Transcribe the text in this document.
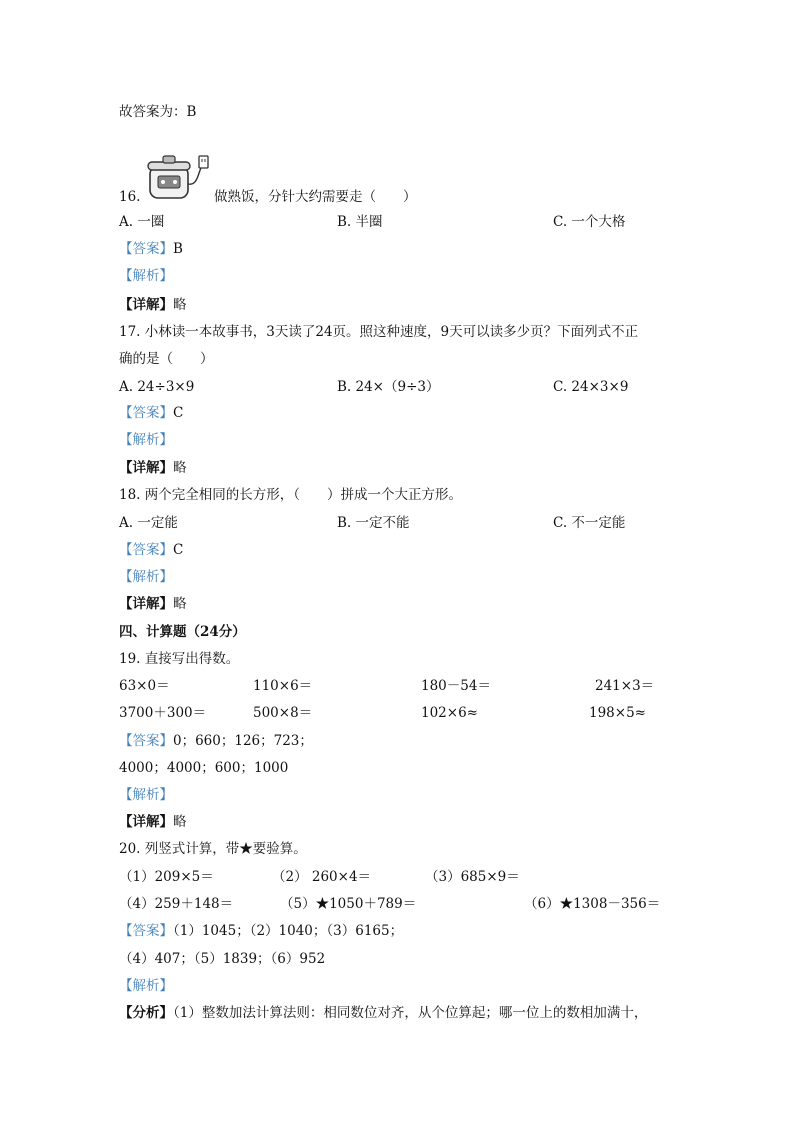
故答案为：B
16.	做熟饭，分针大约需要走（　　）
A. 一圈	B. 半圈	C. 一个大格
【答案】B
【解析】
【详解】略
17. 小林读一本故事书，3天读了24页。照这种速度，9天可以读多少页？下面列式不正
确的是（　　）
A. 24÷3×9	B. 24×（9÷3）	C. 24×3×9
【答案】C
【解析】
【详解】略
18. 两个完全相同的长方形，（　　）拼成一个大正方形。
A. 一定能	B. 一定不能	C. 不一定能
【答案】C
【解析】
【详解】略
四、计算题（24分）
19. 直接写出得数。
63×0＝	110×6＝	180－54＝	241×3＝
3700＋300＝	500×8＝	102×6≈	198×5≈
【答案】0；660；126；723；
4000；4000；600；1000
【解析】
【详解】略
20. 列竖式计算，带★要验算。
（1）209×5＝	（2） 260×4＝	（3）685×9＝
（4）259＋148＝	（5）★1050＋789＝	（6）★1308－356＝
【答案】（1）1045；（2）1040；（3）6165；
（4）407；（5）1839；（6）952
【解析】
【分析】（1）整数加法计算法则：相同数位对齐，从个位算起；哪一位上的数相加满十，
